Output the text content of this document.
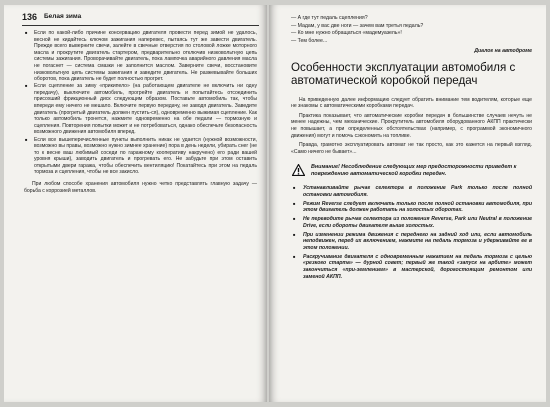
136 Белая зима

■ Если по какой-либо причине консервацию двигателя провести перед зимой не удалось, весной не кидайтесь ключом зажигания наперевес, пытаясь тут же завести двигатель. Прежде всего выверните свечи, залейте в свечные отверстия по столовой ложке моторного масла и прокрутите двигатель стартером, предварительно отключив низковольтную цепь системы зажигания. Проворачивайте двигатель, пока лампочка аварийного давления масла не погаснет — система смазки не заполнится маслом. Заверните свечи, восстановите низковольтную цепь системы зажигания и заведите двигатель. Не разжевывайте больших оборотов, пока двигатель не будет полностью прогрет.

■ Если сцепление за зиму «прикипело» (на работающем двигателе не включить ни одну передачу), выключите автомобиль, прогрейте двигатель и попытайтесь отсоединить присохший фрикционный диск следующим образом. Поставьте автомобиль так, чтобы впереди ему ничего не мешало. Включите первую передачу, не заводя двигатель. Заведите двигатель (прогретый двигатель должен пустить-ся), одновременно выжимая сцепление. Как только автомобиль тронется, нажмите одновременно на обе педали — тормозную и сцепления. Повторения попытки может и не потребоваться, однако обеспечьте безопасность возможного движения автомобиля вперед.

■ Если все вышеперечисленные пункты выполнить никак не удается (нужной возможности, возможно вы правы, возможно нужно зимнее хранение) пора в день недели, убирать снег (не то к весне ваш любимый соседи по гаражному кооперативу накручено) его ради вашей уровня крыши), заводить двигатель и прогревать его. Не забудьте при этом оставить открытыми двери гаража, чтобы обеспечить вентиляцию! Покатайтесь при этом на педаль тормоза и сцепления, чтобы не все закисло.

При любом способе хранения автомобиля нужно четко представлять главную задачу — борьба с коррозией металлов.

— А где тут педаль сцепления?
— Мадам, у вас две ноги — зачем вам третья педаль?
— Ко мне нужно обращаться «мадемуазель»!
— Тем более...

Диалог на автодроме

Особенности эксплуатации автомобиля с автоматической коробкой передач

На приведенную далее информацию следует обратить внимание тем водителям, которые еще не знакомы с автоматическими коробками передач.

Практика показывает, что автоматические коробки передач в большинстве случаев нечуть не менее надежны, чем механические. Прокрутитель автомобиля оборудованного АКПП практически не повышает, а при определенных обстоятельствах (например, с программой экономичного движения) могут и помочь сэкономить на топливе.

Правда, грамотно эксплуатировать автомат не так просто, как это кажется на первый взгляд. «Само ничего не бывает»...

Внимание! Несоблюдение следующих мер предосторожности приведет к повреждению автоматической коробки передач.

■ Устанавливайте рычаг селектора в положение Park только после полной остановки автомобиля.

■ Режим Reverse следует включать только после полной остановки автомобиля, при этом двигатель должен работать на холостых оборотах.

■ Не переводите рычаг селектора из положения Reverse, Park или Neutral в положение Drive, если обороты двигателя выше холостых.

■ При изменении режима движения с переднего на задний ход или, если автомобиль неподвижен, перед их включением, нажмите на педаль тормоза и удерживайте ее в этом положении.

■ Раскручивание двигателя с одновременным нажатием на педаль тормоза с целью «резкого старта» — дурной совет; первый же такой «запуск на арбите» может закончиться «при-землением» в мастерской, дорогостоящим ремонтом или заменой АКПП.
